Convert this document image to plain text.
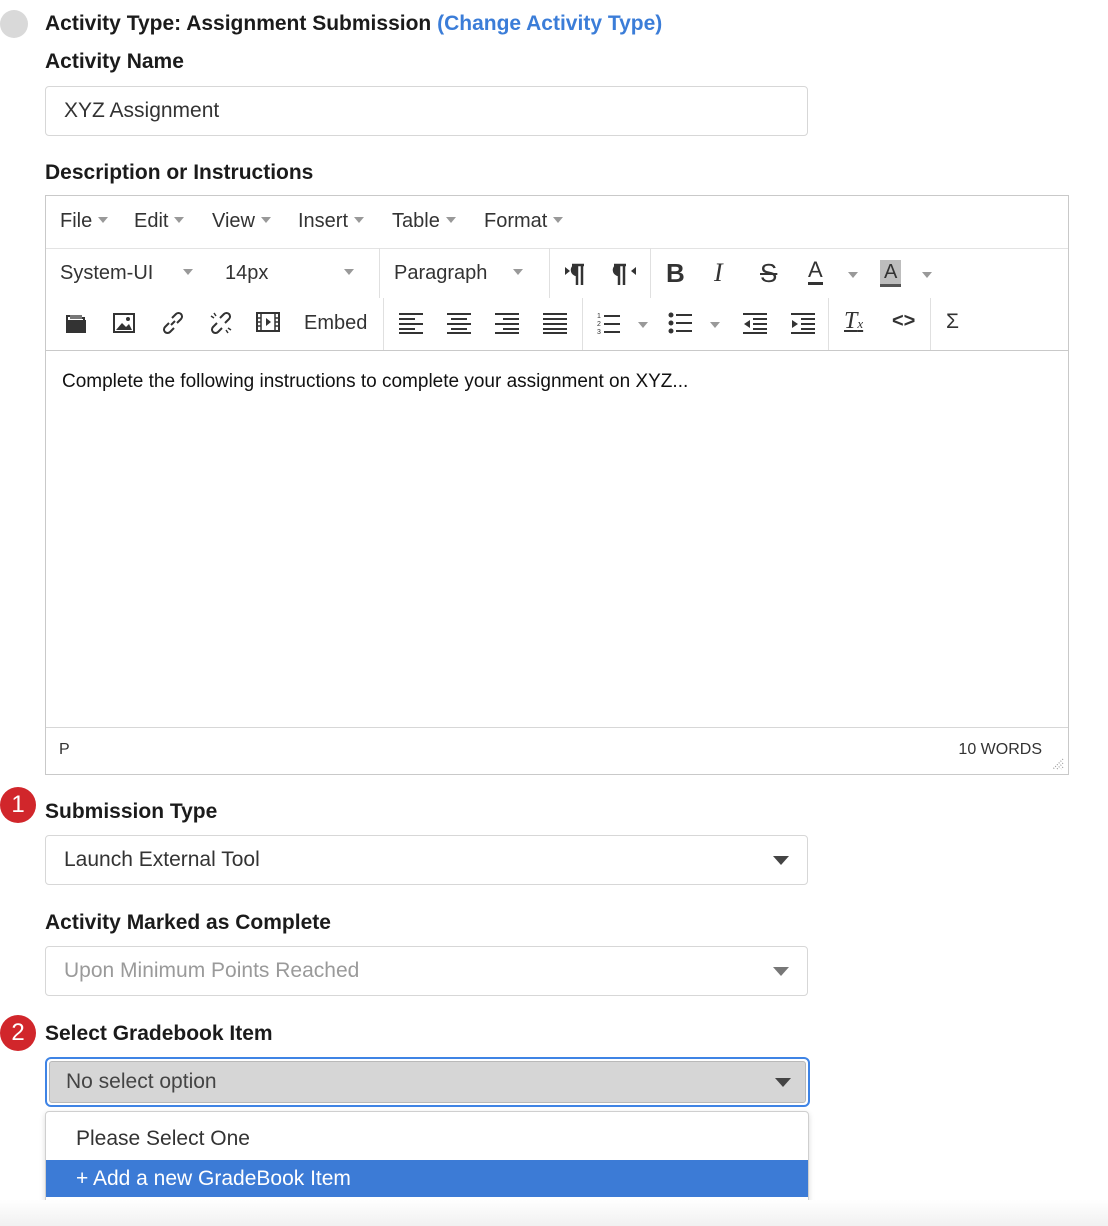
Activity Type: Assignment Submission (Change Activity Type)
Activity Name
XYZ Assignment
Description or Instructions
File	Edit	View	Insert	Table	Format
System-UI	14px	Paragraph	B I S A	A
Embed	1
2
3	Tx <> Σ
Complete the following instructions to complete your assignment on XYZ...
P	10 WORDS
1 Submission Type
Launch External Tool
Activity Marked as Complete
Upon Minimum Points Reached
2 Select Gradebook Item
No select option
Please Select One
+ Add a new GradeBook Item
